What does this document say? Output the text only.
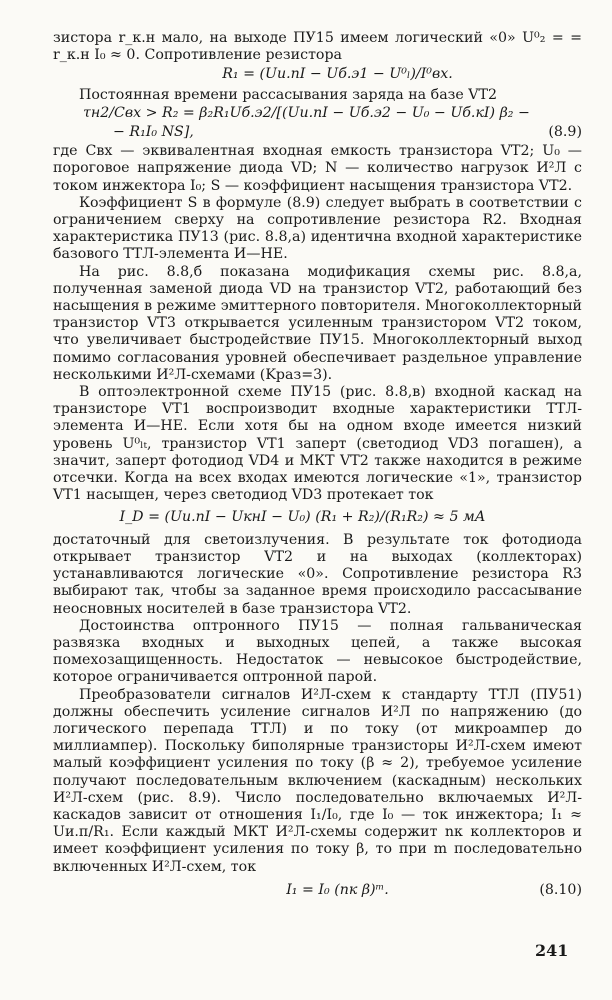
зистора r_к.н мало, на выходе ПУ15 имеем логический «0» U⁰₂ = = r_к.н I₀ ≈ 0. Сопротивление резистора

R₁ = (Uи.пI − Uб.э1 − U⁰ₗ)/I⁰вх.

Постоянная времени рассасывания заряда на базе VT2

τн2/Cвх > R₂ = β₂R₁Uб.э2/[(Uи.пI − Uб.э2 − U₀ − Uб.кI) β₂ −
− R₁I₀ NS],	(8.9)

где Свх — эквивалентная входная емкость транзистора VT2; U₀ — пороговое напряжение диода VD; N — количество нагрузок И²Л с током инжектора I₀; S — коэффициент насыщения транзистора VT2.

Коэффициент S в формуле (8.9) следует выбрать в соответствии с ограничением сверху на сопротивление резистора R2. Входная характеристика ПУ13 (рис. 8.8,а) идентична входной характеристике базового ТТЛ-элемента И—НЕ.

На рис. 8.8,б показана модификация схемы рис. 8.8,а, полученная заменой диода VD на транзистор VT2, работающий без насыщения в режиме эмиттерного повторителя. Многоколлекторный транзистор VT3 открывается усиленным транзистором VT2 током, что увеличивает быстродействие ПУ15. Многоколлекторный выход помимо согласования уровней обеспечивает раздельное управление несколькими И²Л-схемами (Kраз=3).

В оптоэлектронной схеме ПУ15 (рис. 8.8,в) входной каскад на транзисторе VT1 воспроизводит входные характеристики ТТЛ-элемента И—НЕ. Если хотя бы на одном входе имеется низкий уровень U⁰ₗₜ, транзистор VT1 заперт (светодиод VD3 погашен), а значит, заперт фотодиод VD4 и МКТ VT2 также находится в режиме отсечки. Когда на всех входах имеются логические «1», транзистор VT1 насыщен, через светодиод VD3 протекает ток

I_D = (Uи.пI − UкнI − U₀) (R₁ + R₂)/(R₁R₂) ≈ 5 мА

достаточный для светоизлучения. В результате ток фотодиода открывает транзистор VT2 и на выходах (коллекторах) устанавливаются логические «0». Сопротивление резистора R3 выбирают так, чтобы за заданное время происходило рассасывание неосновных носителей в базе транзистора VT2.

Достоинства оптронного ПУ15 — полная гальваническая развязка входных и выходных цепей, а также высокая помехозащищенность. Недостаток — невысокое быстродействие, которое ограничивается оптронной парой.

Преобразователи сигналов И²Л-схем к стандарту ТТЛ (ПУ51) должны обеспечить усиление сигналов И²Л по напряжению (до логического перепада ТТЛ) и по току (от микроампер до миллиампер). Поскольку биполярные транзисторы И²Л-схем имеют малый коэффициент усиления по току (β ≈ 2), требуемое усиление получают последовательным включением (каскадным) нескольких И²Л-схем (рис. 8.9). Число последовательно включаемых И²Л-каскадов зависит от отношения I₁/I₀, где I₀ — ток инжектора; I₁ ≈ Uи.п/R₁. Если каждый МКТ И²Л-схемы содержит nк коллекторов и имеет коэффициент усиления по току β, то при m последовательно включенных И²Л-схем, ток

I₁ = I₀ (nк β)ᵐ.	(8.10)
241
